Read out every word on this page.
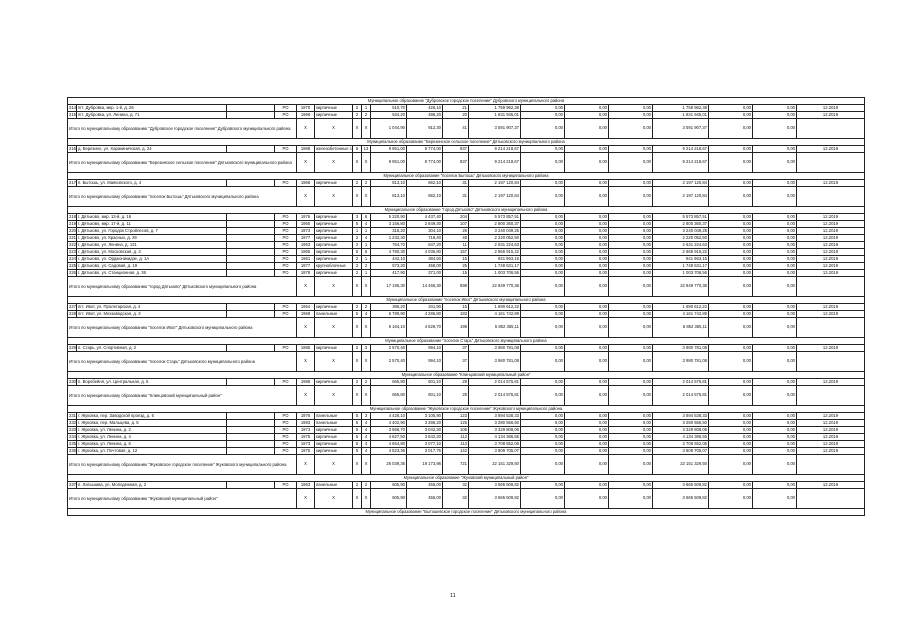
Муниципальное образование "Дубровское городское поселение" Дубровского муниципального района																		
214	пгт. Дубровка, мкр. 1-й, д. 26		РО	1970	кирпичные	2	1	510,70	426,10	21	1 759 962,38	0,00	0,00	0,00	1 759 962,38	0,00	0,00	12.2019
215	пгт. Дубровка, ул. Ленина, д. 71		РО	1966	кирпичные	2	2	534,20	486,20	20	1 831 945,01	0,00	0,00	0,00	1 831 945,01	0,00	0,00	12.2019
Итого по муниципальному образованию "Дубровское городское поселение" Дубровского муниципального района				X	X	X	X	1 044,90	912,30	41	3 591 907,37	0,00	0,00	0,00	3 591 907,37	0,00	0,00	
Муниципальное образование "Березинское сельское поселение" Дятьковского муниципального района																		
216	д. Березино, ул. Харакиничская, д. 24		РО	1988	железобетонные с	5	13	9 951,00	8 774,00	837	9 214 218,67	0,00	0,00	0,00	9 214 218,67	0,00	0,00	12.2019
Итого по муниципальному образованию "Березинское сельское поселение" Дятьковского муниципального района				X	X	X	X	9 951,00	8 774,00	837	9 214 218,67	0,00	0,00	0,00	9 214 218,67	0,00	0,00	
Муниципальное образование "поселок Бытошь" Дятьковского муниципального района																		
217	п. Бытошь, ул. Маяковского, д. 4		РО	1966	кирпичные	2	2	813,10	662,10	31	2 197 120,84	0,00	0,00	0,00	2 197 120,84	0,00	0,00	12.2019
Итого по муниципальному образованию "поселок Бытошь" Дятьковского муниципального района				X	X	X	X	813,10	662,10	31	2 197 120,84	0,00	0,00	0,00	2 197 120,84	0,00	0,00	
Муниципальное образование "город Дятьково" Дятьковского муниципального района																		
218	г. Дятьково, мкр. 13-й, д. 16		РО	1976	кирпичные	3	6	5 320,90	4 437,40	204	5 573 857,51	0,00	0,00	0,00	5 573 857,51	0,00	0,00	12.2019
219	г. Дятьково, мкр. 17-й, д. 11		РО	1965	кирпичные	5	4	3 156,80	2 849,30	107	2 800 360,37	0,00	0,00	0,00	2 800 360,37	0,00	0,00	12.2019
220	г. Дятьково, ул. Городок Стройлесов, д. 7		РО	1973	кирпичные	1	1	315,20	304,10	26	3 240 049,25	0,00	0,00	0,00	3 240 049,25	0,00	0,00	12.2019
221	г. Дятьково, ул. Красных, д. 29		РО	1977	кирпичные	2	4	1 232,30	718,40	48	2 220 052,50	0,00	0,00	0,00	2 220 052,50	0,00	0,00	12.2019
222	г. Дятьково, ул. Ленина, д. 131		РО	1953	кирпичные	2	1	764,70	647,20	11	2 631 224,63	0,00	0,00	0,00	2 631 224,63	0,00	0,00	12.2019
223	г. Дятьково, ул. Московская, д. 3		РО	1965	кирпичные	5	6	4 780,30	4 036,80	157	2 866 915,22	0,00	0,00	0,00	2 866 915,22	0,00	0,00	12.2019
224	г. Дятьково, ул. Орджоникидзе, д. 1А		РО	1961	кирпичные	2	1	442,10	384,50	15	941 963,15	0,00	0,00	0,00	941 963,15	0,00	0,00	12.2019
225	г. Дятьково, ул. Садовая, д. 19		РО	1977	крупноблочные	2	2	573,20	458,00	25	1 748 631,17	0,00	0,00	0,00	1 748 631,17	0,00	0,00	12.2019
226	г. Дятьково, ул. Станционная, д. 36		РО	1978	кирпичные	2	1	417,90	371,00	15	1 003 706,56	0,00	0,00	0,00	1 003 706,56	0,00	0,00	12.2019
Итого по муниципальному образованию "город Дятьково" Дятьковского муниципального района				X	X	X	X	17 196,30	14 456,30	598	22 849 770,36	0,00	0,00	0,00	22 849 770,36	0,00	0,00	
Муниципальное образование "поселок Ивот" Дятьковского муниципального района																		
227	пгт. Ивот, ул. Пролетарская, д. 4		РО	1954	кирпичные	2	2	385,20	341,90	15	1 690 612,22	0,00	0,00	0,00	1 690 612,22	0,00	0,00	12.2019
228	пгт. Ивот, ул. Мехзаводская, д. 3		РО	1969	панельные	5	4	5 789,90	4 286,80	183	4 161 742,89	0,00	0,00	0,00	4 161 742,89	0,00	0,00	12.2019
Итого по муниципальному образованию "поселок Ивот" Дятьковского муниципального района				X	X	X	X	6 164,10	4 628,70	198	5 852 355,11	0,00	0,00	0,00	5 852 355,11	0,00	0,00	
Муниципальное образование "поселок Старь" Дятьковского муниципального района																		
229	п. Старь, ул. Спортивная, д. 2		РО	1985	кирпичные	2	3	2 570,40	994,10	37	3 980 781,08	0,00	0,00	0,00	3 980 781,08	0,00	0,00	12.2019
Итого по муниципальному образованию "поселок Старь" Дятьковского муниципального района				X	X	X	X	2 570,40	994,10	37	3 980 781,08	0,00	0,00	0,00	3 980 781,08	0,00	0,00	
Муниципальное образование "Клинцовский муниципальный район"																		
230	п. Воробейня, ул. Центральная, д. 5		РО	1988	кирпичные	2	2	665,80	601,10	29	2 014 575,81	0,00	0,00	0,00	2 014 575,81	0,00	0,00	12.2019
Итого по муниципальному образованию "Клинцовский муниципальный район"				X	X	X	X	665,80	601,10	29	2 014 575,81	0,00	0,00	0,00	2 014 575,81	0,00	0,00	
Муниципальное образование "Жуковское городское поселение" Жуковского муниципального района																		
231	г. Жуковка, пер. Заводской проезд, д. 6		РО	1976	панельные	5	3	4 426,10	3 105,90	123	3 894 538,33	0,00	0,00	0,00	3 894 538,33	0,00	0,00	12.2019
232	г. Жуковка, пер. Мальцева, д. 5		РО	1983	панельные	5	4	4 402,90	3 286,20	125	3 280 556,50	0,00	0,00	0,00	3 280 556,50	0,00	0,00	12.2019
233	г. Жуковка, ул. Ленина, д. 2		РО	1973	кирпичные	5	4	3 666,70	3 042,30	106	3 329 808,06	0,00	0,00	0,00	3 329 808,06	0,00	0,00	12.2019
234	г. Жуковка, ул. Ленина, д. 4		РО	1975	кирпичные	5	4	4 627,50	3 642,20	112	4 134 386,55	0,00	0,00	0,00	4 134 386,55	0,00	0,00	12.2019
235	г. Жуковка, ул. Ленина, д. 6		РО	1973	кирпичные	5	4	4 654,80	3 077,10	113	3 708 552,06	0,00	0,00	0,00	3 708 552,06	0,00	0,00	12.2019
236	г. Жуковка, ул. Почтовая, д. 12		РО	1975	кирпичные	5	4	4 523,36	3 017,76	142	3 809 705,07	0,00	0,00	0,00	3 809 705,07	0,00	0,00	12.2019
Итого по муниципальному образованию "Жуковское городское поселение" Жуковского муниципального района				X	X	X	X	26 039,36	19 173,96	721	22 151 329,50	0,00	0,00	0,00	22 151 329,50	0,00	0,00	
Муниципальное образование "Жуковский муниципальный район"																		
237	п. Латышава, ул. Молодежная, д. 2		РО	1963	панельные	2	2	605,90	455,00	32	3 665 509,82	0,00	0,00	0,00	3 665 509,82	0,00	0,00	12.2019
Итого по муниципальному образованию "Жуковский муниципальный район"				X	X	X	X	605,90	455,00	32	3 665 509,82	0,00	0,00	0,00	3 665 509,82	0,00	0,00	
Муниципальное образование "Бытошевское городское поселение" Дятьковского муниципального района																		
11
